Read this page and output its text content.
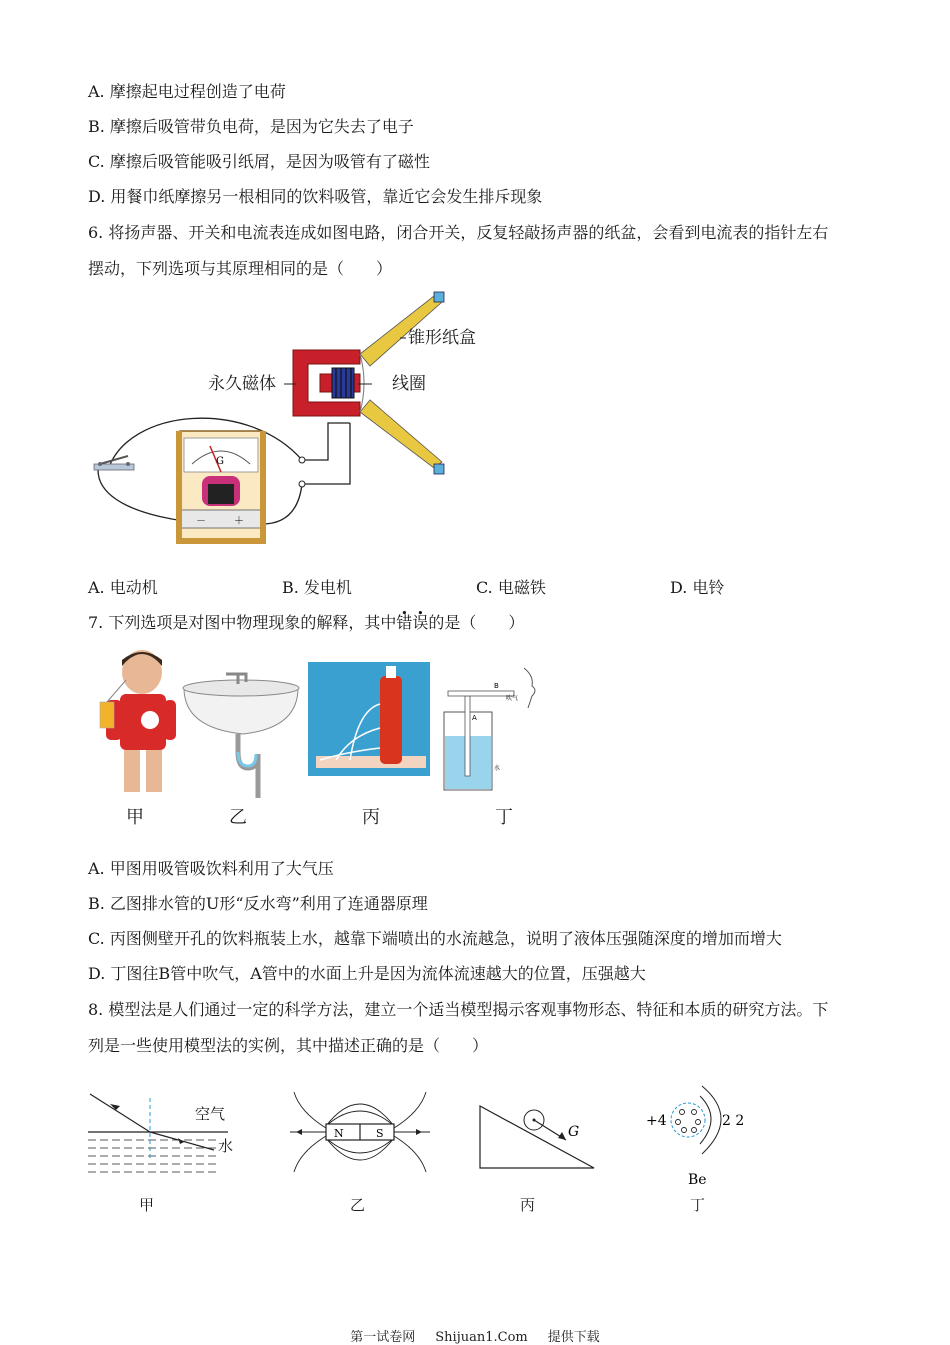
A. 摩擦起电过程创造了电荷
B. 摩擦后吸管带负电荷，是因为它失去了电子
C. 摩擦后吸管能吸引纸屑，是因为吸管有了磁性
D. 用餐巾纸摩擦另一根相同的饮料吸管，靠近它会发生排斥现象
6. 将扬声器、开关和电流表连成如图电路，闭合开关，反复轻敲扬声器的纸盆，会看到电流表的指针左右
摆动，下列选项与其原理相同的是（　　）
G
－	＋
锥形纸盒
永久磁体	线圈
A. 电动机	B. 发电机	C. 电磁铁	D. 电铃
7. 下列选项是对图中物理现象的解释，其中错误的是（　　）
B
A
吹气
水
甲	乙	丙	丁
A. 甲图用吸管吸饮料利用了大气压
B. 乙图排水管的U形“反水弯”利用了连通器原理
C. 丙图侧壁开孔的饮料瓶装上水，越靠下端喷出的水流越急，说明了液体压强随深度的增加而增大
D. 丁图往B管中吹气，A管中的水面上升是因为流体流速越大的位置，压强越大
8. 模型法是人们通过一定的科学方法，建立一个适当模型揭示客观事物形态、特征和本质的研究方法。下
列是一些使用模型法的实例，其中描述正确的是（　　）
空气
水
N	S	G
+4	2 2
Be
甲	乙	丙	丁
第一试卷网 Shijuan1.Com 提供下载
